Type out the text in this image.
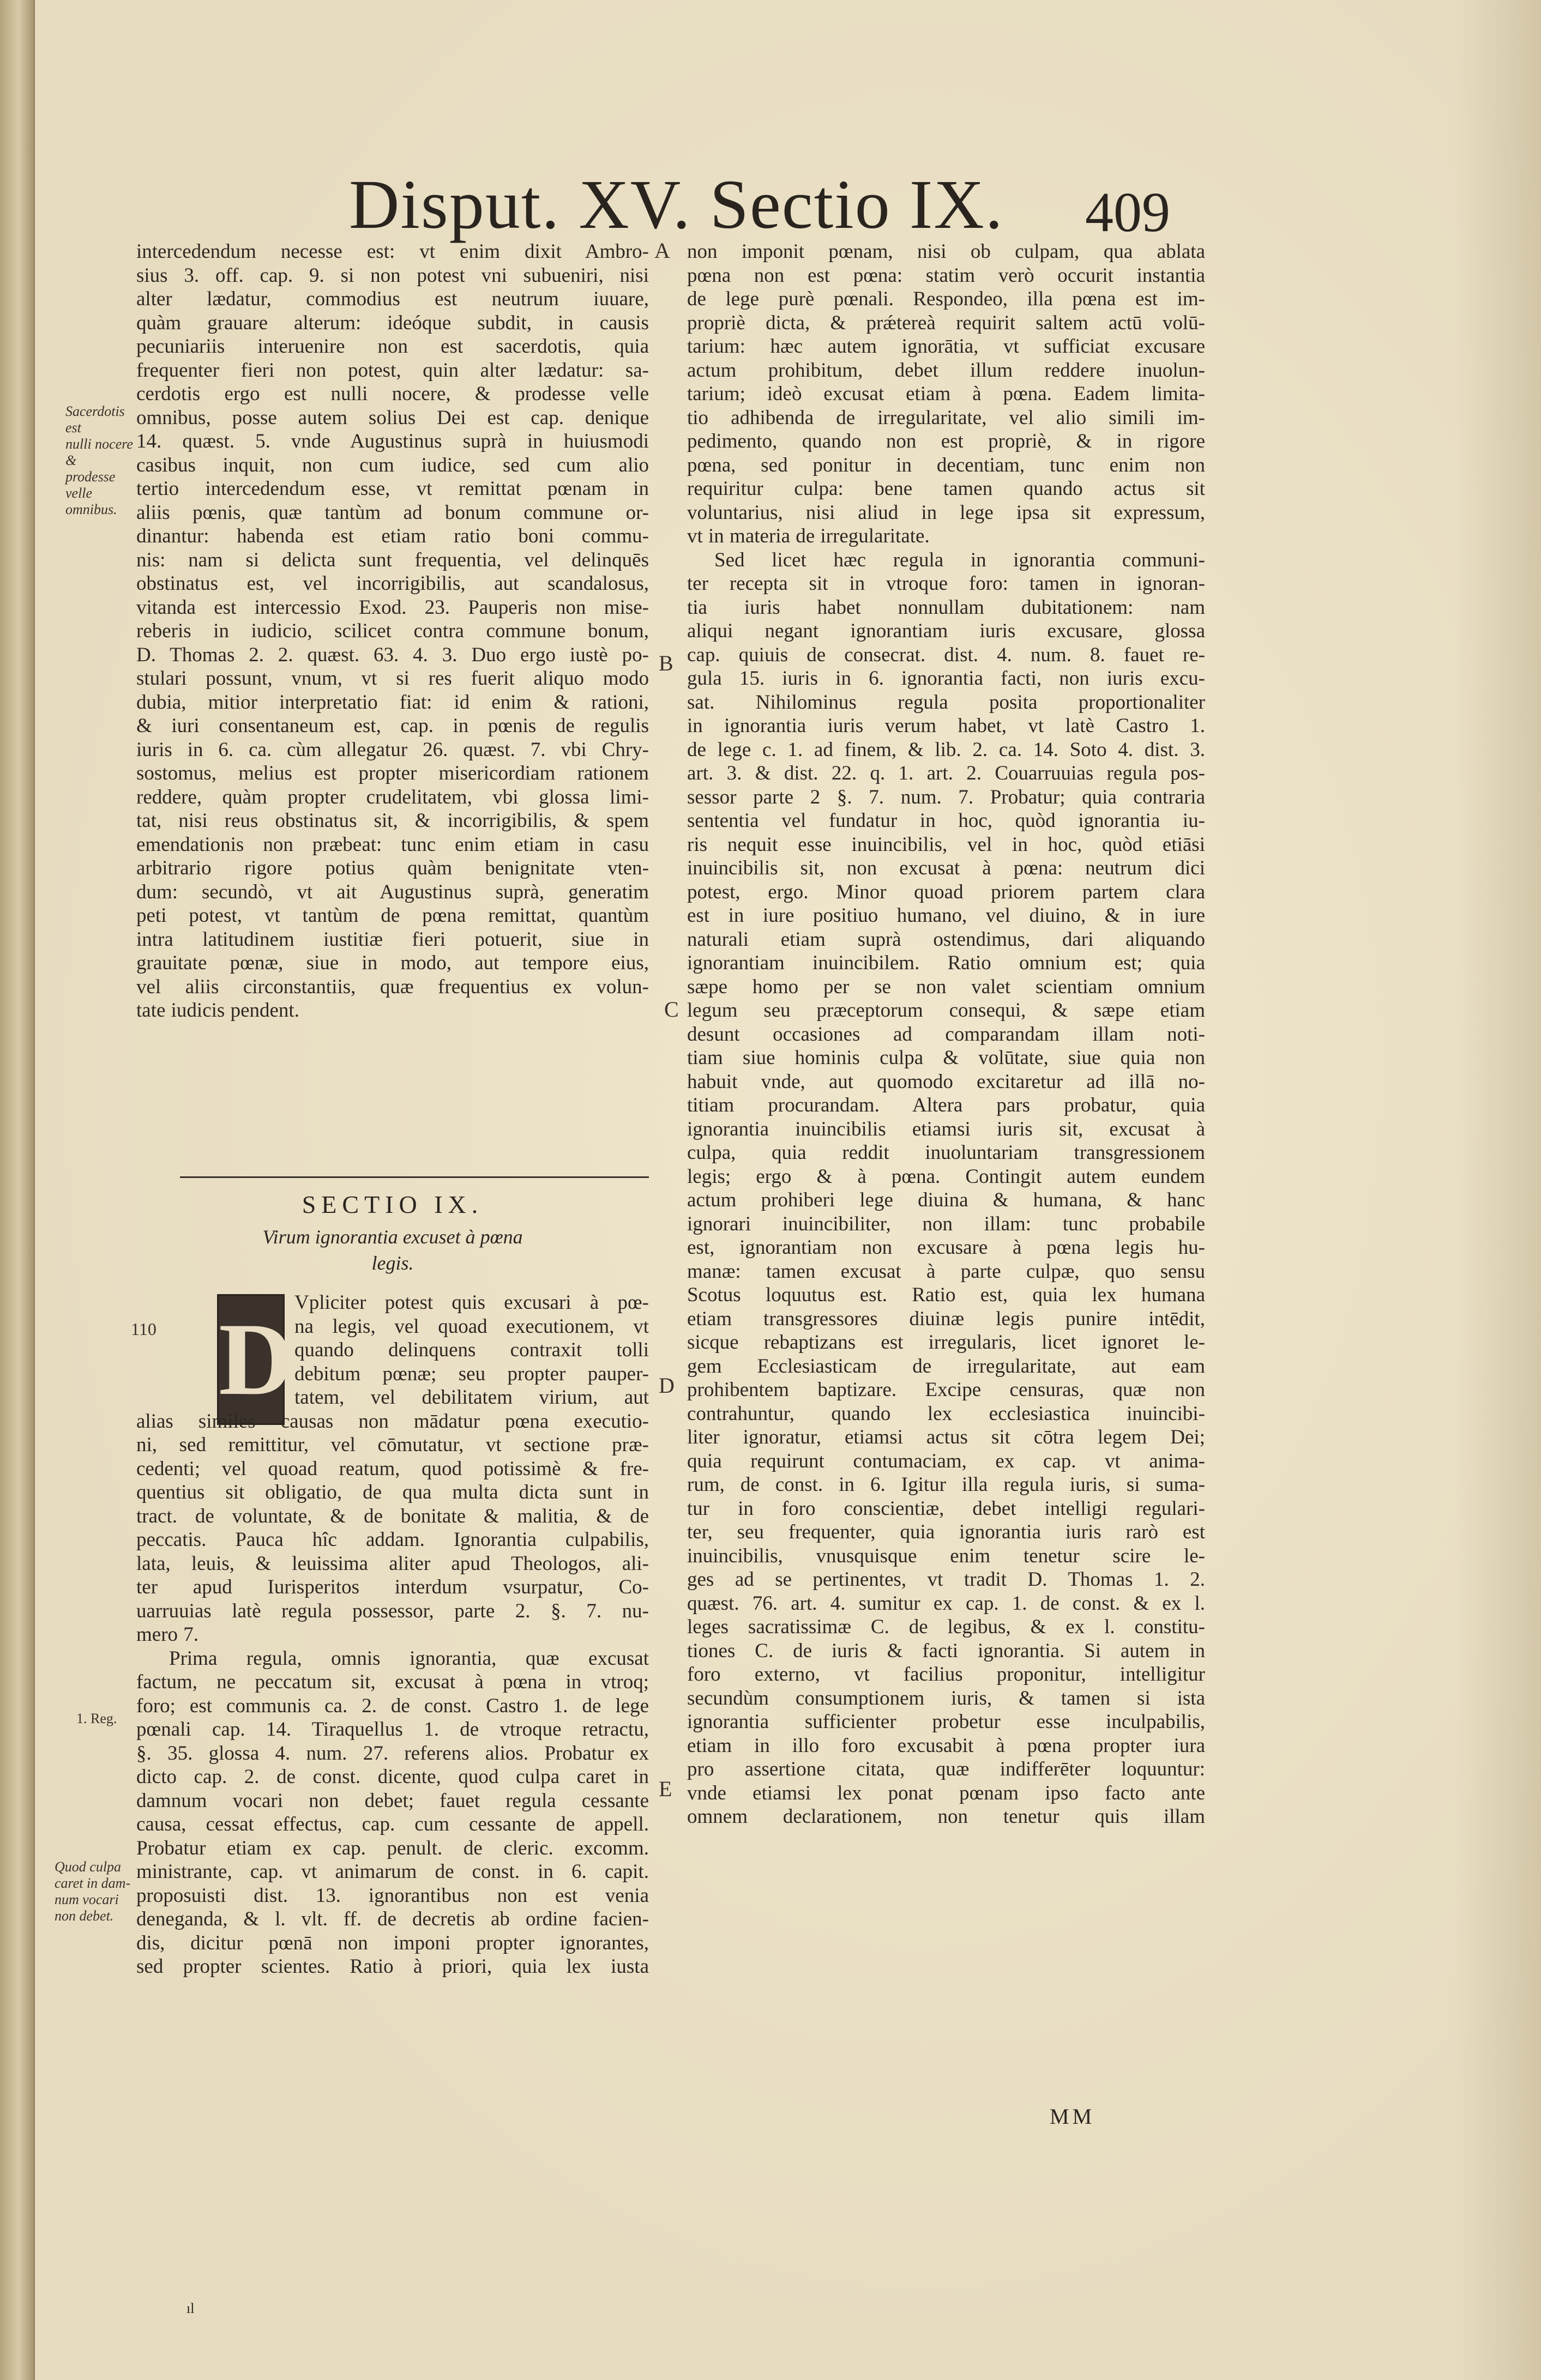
Disput. XV. Sectio IX. 409

intercedendum necesse est: vt enim dixit Ambro-

sius 3. off. cap. 9. si non potest vni subueniri, nisi

alter lædatur, commodius est neutrum iuuare,

quàm grauare alterum: ideóque subdit, in causis

pecuniariis interuenire non est sacerdotis, quia

frequenter fieri non potest, quin alter lædatur: sa-

cerdotis ergo est nulli nocere, & prodesse velle

omnibus, posse autem solius Dei est cap. denique

14. quæst. 5. vnde Augustinus suprà in huiusmodi

casibus inquit, non cum iudice, sed cum alio

tertio intercedendum esse, vt remittat pœnam in

aliis pœnis, quæ tantùm ad bonum commune or-

dinantur: habenda est etiam ratio boni commu-

nis: nam si delicta sunt frequentia, vel delinquēs

obstinatus est, vel incorrigibilis, aut scandalosus,

vitanda est intercessio Exod. 23. Pauperis non mise-

reberis in iudicio, scilicet contra commune bonum,

D. Thomas 2. 2. quæst. 63. 4. 3. Duo ergo iustè po-

stulari possunt, vnum, vt si res fuerit aliquo modo

dubia, mitior interpretatio fiat: id enim & rationi,

& iuri consentaneum est, cap. in pœnis de regulis

iuris in 6. ca. cùm allegatur 26. quæst. 7. vbi Chry-

sostomus, melius est propter misericordiam rationem

reddere, quàm propter crudelitatem, vbi glossa limi-

tat, nisi reus obstinatus sit, & incorrigibilis, & spem

emendationis non præbeat: tunc enim etiam in casu

arbitrario rigore potius quàm benignitate vten-

dum: secundò, vt ait Augustinus suprà, generatim

peti potest, vt tantùm de pœna remittat, quantùm

intra latitudinem iustitiæ fieri potuerit, siue in

grauitate pœnæ, siue in modo, aut tempore eius,

vel aliis circonstantiis, quæ frequentius ex volun-

tate iudicis pendent.

SECTIO IX.
Virum ignorantia excuset à pœna
legis.
D Vpliciter potest quis excusari à pœ-

na legis, vel quoad executionem, vt

quando delinquens contraxit tolli

debitum pœnæ; seu propter pauper-

tatem, vel debilitatem virium, aut

alias similes causas non mādatur pœna executio-

ni, sed remittitur, vel cōmutatur, vt sectione præ-

cedenti; vel quoad reatum, quod potissimè & fre-

quentius sit obligatio, de qua multa dicta sunt in

tract. de voluntate, & de bonitate & malitia, & de

peccatis. Pauca hîc addam. Ignorantia culpabilis,

lata, leuis, & leuissima aliter apud Theologos, ali-

ter apud Iurisperitos interdum vsurpatur, Co-

uarruuias latè regula possessor, parte 2. §. 7. nu-

mero 7.

Prima regula, omnis ignorantia, quæ excusat

factum, ne peccatum sit, excusat à pœna in vtroq;

foro; est communis ca. 2. de const. Castro 1. de lege

pœnali cap. 14. Tiraquellus 1. de vtroque retractu,

§. 35. glossa 4. num. 27. referens alios. Probatur ex

dicto cap. 2. de const. dicente, quod culpa caret in

damnum vocari non debet; fauet regula cessante

causa, cessat effectus, cap. cum cessante de appell.

Probatur etiam ex cap. penult. de cleric. excomm.

ministrante, cap. vt animarum de const. in 6. capit.

proposuisti dist. 13. ignorantibus non est venia

deneganda, & l. vlt. ff. de decretis ab ordine facien-

dis, dicitur pœnā non imponi propter ignorantes,

sed propter scientes. Ratio à priori, quia lex iusta

non imponit pœnam, nisi ob culpam, qua ablata

pœna non est pœna: statim verò occurit instantia

de lege purè pœnali. Respondeo, illa pœna est im-

propriè dicta, & prǽtereà requirit saltem actū volū-

tarium: hæc autem ignorātia, vt sufficiat excusare

actum prohibitum, debet illum reddere inuolun-

tarium; ideò excusat etiam à pœna. Eadem limita-

tio adhibenda de irregularitate, vel alio simili im-

pedimento, quando non est propriè, & in rigore

pœna, sed ponitur in decentiam, tunc enim non

requiritur culpa: bene tamen quando actus sit

voluntarius, nisi aliud in lege ipsa sit expressum,

vt in materia de irregularitate.

Sed licet hæc regula in ignorantia communi-

ter recepta sit in vtroque foro: tamen in ignoran-

tia iuris habet nonnullam dubitationem: nam

aliqui negant ignorantiam iuris excusare, glossa

cap. quiuis de consecrat. dist. 4. num. 8. fauet re-

gula 15. iuris in 6. ignorantia facti, non iuris excu-

sat. Nihilominus regula posita proportionaliter

in ignorantia iuris verum habet, vt latè Castro 1.

de lege c. 1. ad finem, & lib. 2. ca. 14. Soto 4. dist. 3.

art. 3. & dist. 22. q. 1. art. 2. Couarruuias regula pos-

sessor parte 2 §. 7. num. 7. Probatur; quia contraria

sententia vel fundatur in hoc, quòd ignorantia iu-

ris nequit esse inuincibilis, vel in hoc, quòd etiāsi

inuincibilis sit, non excusat à pœna: neutrum dici

potest, ergo. Minor quoad priorem partem clara

est in iure positiuo humano, vel diuino, & in iure

naturali etiam suprà ostendimus, dari aliquando

ignorantiam inuincibilem. Ratio omnium est; quia

sæpe homo per se non valet scientiam omnium

legum seu præceptorum consequi, & sæpe etiam

desunt occasiones ad comparandam illam noti-

tiam siue hominis culpa & volūtate, siue quia non

habuit vnde, aut quomodo excitaretur ad illā no-

titiam procurandam. Altera pars probatur, quia

ignorantia inuincibilis etiamsi iuris sit, excusat à

culpa, quia reddit inuoluntariam transgressionem

legis; ergo & à pœna. Contingit autem eundem

actum prohiberi lege diuina & humana, & hanc

ignorari inuincibiliter, non illam: tunc probabile

est, ignorantiam non excusare à pœna legis hu-

manæ: tamen excusat à parte culpæ, quo sensu

Scotus loquutus est. Ratio est, quia lex humana

etiam transgressores diuinæ legis punire intēdit,

sicque rebaptizans est irregularis, licet ignoret le-

gem Ecclesiasticam de irregularitate, aut eam

prohibentem baptizare. Excipe censuras, quæ non

contrahuntur, quando lex ecclesiastica inuincibi-

liter ignoratur, etiamsi actus sit cōtra legem Dei;

quia requirunt contumaciam, ex cap. vt anima-

rum, de const. in 6. Igitur illa regula iuris, si suma-

tur in foro conscientiæ, debet intelligi regulari-

ter, seu frequenter, quia ignorantia iuris rarò est

inuincibilis, vnusquisque enim tenetur scire le-

ges ad se pertinentes, vt tradit D. Thomas 1. 2.

quæst. 76. art. 4. sumitur ex cap. 1. de const. & ex l.

leges sacratissimæ C. de legibus, & ex l. constitu-

tiones C. de iuris & facti ignorantia. Si autem in

foro externo, vt facilius proponitur, intelligitur

secundùm consumptionem iuris, & tamen si ista

ignorantia sufficienter probetur esse inculpabilis,

etiam in illo foro excusabit à pœna propter iura

pro assertione citata, quæ indifferēter loquuntur:

vnde etiamsi lex ponat pœnam ipso facto ante

omnem declarationem, non tenetur quis illam

Sacerdotis est
nulli nocere &
prodesse velle
omnibus.
110
1. Reg.
Quod culpa
caret in dam-
num vocari
non debet.
A
B
C
D
E
MM
ıl
